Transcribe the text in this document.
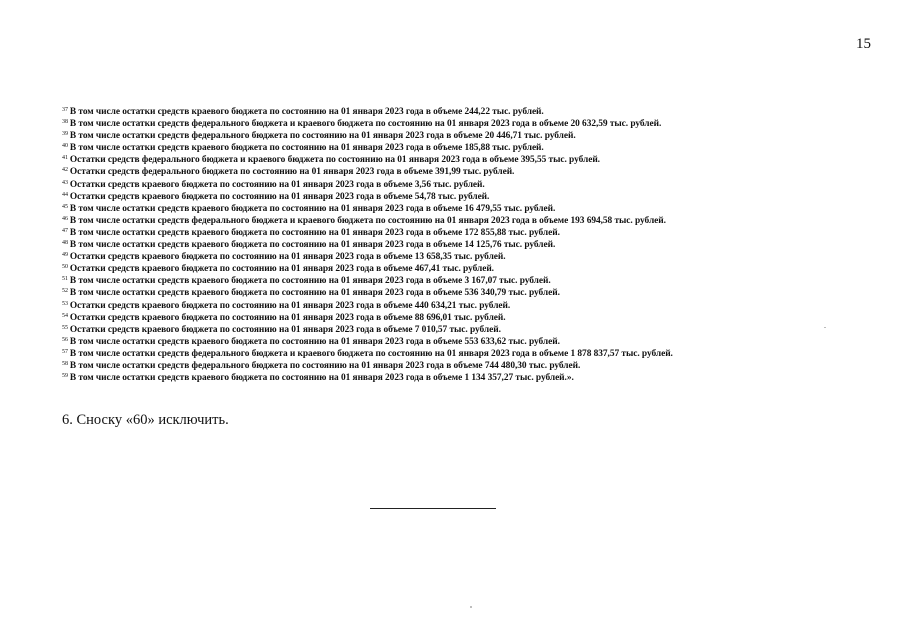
15
$^{37}$ В том числе остатки средств краевого бюджета по состоянию на 01 января 2023 года в объеме 244,22 тыс. рублей.
$^{38}$ В том числе остатки средств федерального бюджета и краевого бюджета по состоянию на 01 января 2023 года в объеме 20 632,59 тыс. рублей.
$^{39}$ В том числе остатки средств федерального бюджета по состоянию на 01 января 2023 года в объеме 20 446,71 тыс. рублей.
$^{40}$ В том числе остатки средств краевого бюджета по состоянию на 01 января 2023 года в объеме 185,88 тыс. рублей.
$^{41}$ Остатки средств федерального бюджета и краевого бюджета по состоянию на 01 января 2023 года в объеме 395,55 тыс. рублей.
$^{42}$ Остатки средств федерального бюджета по состоянию на 01 января 2023 года в объеме 391,99 тыс. рублей.
$^{43}$ Остатки средств краевого бюджета по состоянию на 01 января 2023 года в объеме 3,56 тыс. рублей.
$^{44}$ Остатки средств краевого бюджета по состоянию на 01 января 2023 года в объеме 54,78 тыс. рублей.
$^{45}$ В том числе остатки средств краевого бюджета по состоянию на 01 января 2023 года в объеме 16 479,55 тыс. рублей.
$^{46}$ В том числе остатки средств федерального бюджета и краевого бюджета по состоянию на 01 января 2023 года в объеме 193 694,58 тыс. рублей.
$^{47}$ В том числе остатки средств краевого бюджета по состоянию на 01 января 2023 года в объеме 172 855,88 тыс. рублей.
$^{48}$ В том числе остатки средств краевого бюджета по состоянию на 01 января 2023 года в объеме 14 125,76 тыс. рублей.
$^{49}$ Остатки средств краевого бюджета по состоянию на 01 января 2023 года в объеме 13 658,35 тыс. рублей.
$^{50}$ Остатки средств краевого бюджета по состоянию на 01 января 2023 года в объеме 467,41 тыс. рублей.
$^{51}$ В том числе остатки средств краевого бюджета по состоянию на 01 января 2023 года в объеме 3 167,07 тыс. рублей.
$^{52}$ В том числе остатки средств краевого бюджета по состоянию на 01 января 2023 года в объеме 536 340,79 тыс. рублей.
$^{53}$ Остатки средств краевого бюджета по состоянию на 01 января 2023 года в объеме 440 634,21 тыс. рублей.
$^{54}$ Остатки средств краевого бюджета по состоянию на 01 января 2023 года в объеме 88 696,01 тыс. рублей.
$^{55}$ Остатки средств краевого бюджета по состоянию на 01 января 2023 года в объеме 7 010,57 тыс. рублей.
$^{56}$ В том числе остатки средств краевого бюджета по состоянию на 01 января 2023 года в объеме 553 633,62 тыс. рублей.
$^{57}$ В том числе остатки средств федерального бюджета и краевого бюджета по состоянию на 01 января 2023 года в объеме 1 878 837,57 тыс. рублей.
$^{58}$ В том числе остатки средств федерального бюджета по состоянию на 01 января 2023 года в объеме 744 480,30 тыс. рублей.
$^{59}$ В том числе остатки средств краевого бюджета по состоянию на 01 января 2023 года в объеме 1 134 357,27 тыс. рублей.».
6. Сноску «60» исключить.
